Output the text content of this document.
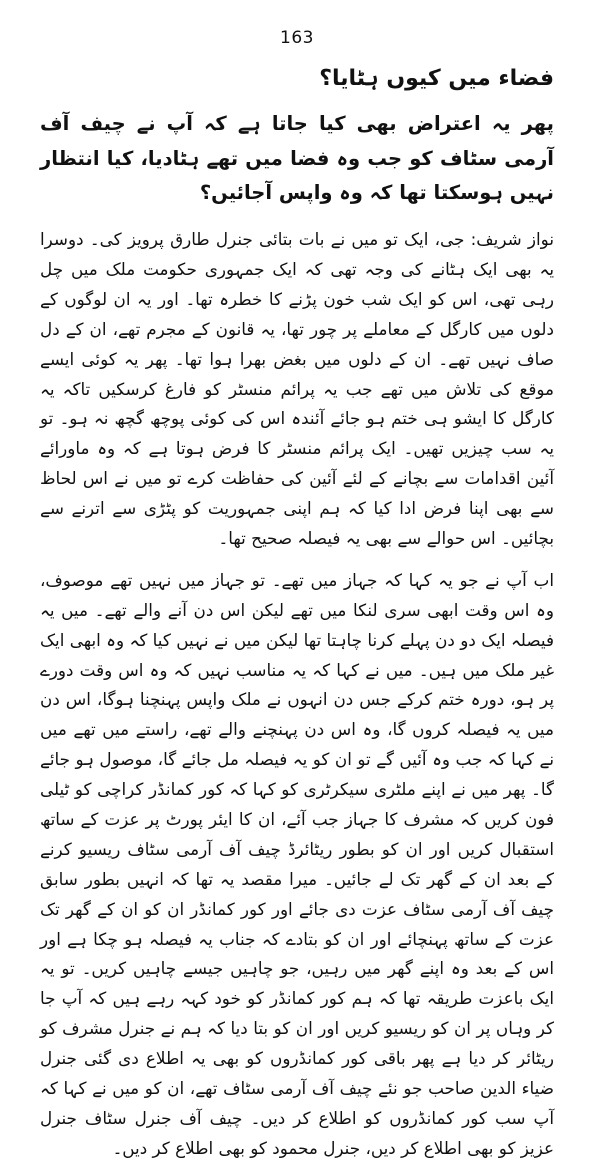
163
فضاء میں کیوں ہٹایا؟

پھر یہ اعتراض بھی کیا جاتا ہے کہ آپ نے چیف آف آرمی سٹاف کو جب وہ فضا میں تھے ہٹادیا، کیا انتظار نہیں ہوسکتا تھا کہ وہ واپس آجائیں؟

نواز شریف: جی، ایک تو میں نے بات بتائی جنرل طارق پرویز کی۔ دوسرا یہ بھی ایک ہٹانے کی وجہ تھی کہ ایک جمہوری حکومت ملک میں چل رہی تھی، اس کو ایک شب خون پڑنے کا خطرہ تھا۔ اور یہ ان لوگوں کے دلوں میں کارگل کے معاملے پر چور تھا، یہ قانون کے مجرم تھے، ان کے دل صاف نہیں تھے۔ ان کے دلوں میں بغض بھرا ہوا تھا۔ پھر یہ کوئی ایسے موقع کی تلاش میں تھے جب یہ پرائم منسٹر کو فارغ کرسکیں تاکہ یہ کارگل کا ایشو ہی ختم ہو جائے آئندہ اس کی کوئی پوچھ گچھ نہ ہو۔ تو یہ سب چیزیں تھیں۔ ایک پرائم منسٹر کا فرض ہوتا ہے کہ وہ ماورائے آئین اقدامات سے بچانے کے لئے آئین کی حفاظت کرے تو میں نے اس لحاظ سے بھی اپنا فرض ادا کیا کہ ہم اپنی جمہوریت کو پٹڑی سے اترنے سے بچائیں۔ اس حوالے سے بھی یہ فیصلہ صحیح تھا۔

اب آپ نے جو یہ کہا کہ جہاز میں تھے۔ تو جہاز میں نہیں تھے موصوف، وہ اس وقت ابھی سری لنکا میں تھے لیکن اس دن آنے والے تھے۔ میں یہ فیصلہ ایک دو دن پہلے کرنا چاہتا تھا لیکن میں نے نہیں کیا کہ وہ ابھی ایک غیر ملک میں ہیں۔ میں نے کہا کہ یہ مناسب نہیں کہ وہ اس وقت دورے پر ہو، دورہ ختم کرکے جس دن انہوں نے ملک واپس پہنچنا ہوگا، اس دن میں یہ فیصلہ کروں گا، وہ اس دن پہنچنے والے تھے، راستے میں تھے میں نے کہا کہ جب وہ آئیں گے تو ان کو یہ فیصلہ مل جائے گا، موصول ہو جائے گا۔ پھر میں نے اپنے ملٹری سیکرٹری کو کہا کہ کور کمانڈر کراچی کو ٹیلی فون کریں کہ مشرف کا جہاز جب آئے، ان کا ایئر پورٹ پر عزت کے ساتھ استقبال کریں اور ان کو بطور ریٹائرڈ چیف آف آرمی سٹاف ریسیو کرنے کے بعد ان کے گھر تک لے جائیں۔ میرا مقصد یہ تھا کہ انہیں بطور سابق چیف آف آرمی سٹاف عزت دی جائے اور کور کمانڈر ان کو ان کے گھر تک عزت کے ساتھ پہنچائے اور ان کو بتادے کہ جناب یہ فیصلہ ہو چکا ہے اور اس کے بعد وہ اپنے گھر میں رہیں، جو چاہیں جیسے چاہیں کریں۔ تو یہ ایک باعزت طریقہ تھا کہ ہم کور کمانڈر کو خود کہہ رہے ہیں کہ آپ جا کر وہاں پر ان کو ریسیو کریں اور ان کو بتا دیا کہ ہم نے جنرل مشرف کو ریٹائر کر دیا ہے پھر باقی کور کمانڈروں کو بھی یہ اطلاع دی گئی جنرل ضیاء الدین صاحب جو نئے چیف آف آرمی سٹاف تھے، ان کو میں نے کہا کہ آپ سب کور کمانڈروں کو اطلاع کر دیں۔ چیف آف جنرل سٹاف جنرل عزیز کو بھی اطلاع کر دیں، جنرل محمود کو بھی اطلاع کر دیں۔
